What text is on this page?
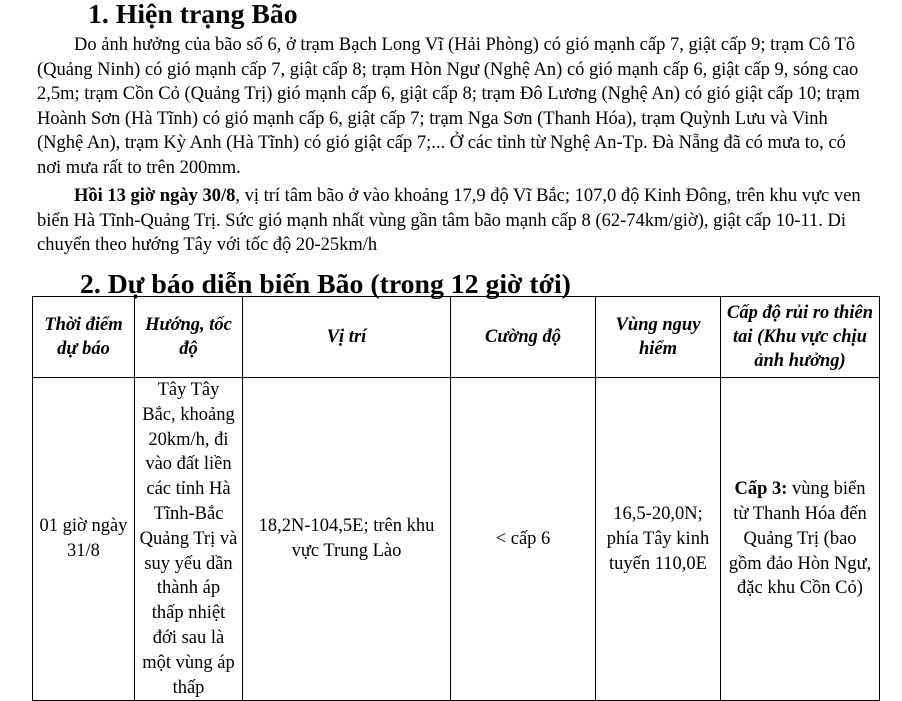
1. Hiện trạng Bão

Do ảnh hưởng của bão số 6, ở trạm Bạch Long Vĩ (Hải Phòng) có gió mạnh cấp 7, giật cấp 9; trạm Cô Tô (Quảng Ninh) có gió mạnh cấp 7, giật cấp 8; trạm Hòn Ngư (Nghệ An) có gió mạnh cấp 6, giật cấp 9, sóng cao 2,5m; trạm Cồn Cỏ (Quảng Trị) gió mạnh cấp 6, giật cấp 8; trạm Đô Lương (Nghệ An) có gió giật cấp 10; trạm Hoành Sơn (Hà Tĩnh) có gió mạnh cấp 6, giật cấp 7; trạm Nga Sơn (Thanh Hóa), trạm Quỳnh Lưu và Vinh (Nghệ An), trạm Kỳ Anh (Hà Tĩnh) có gió giật cấp 7;... Ở các tỉnh từ Nghệ An-Tp. Đà Nẵng đã có mưa to, có nơi mưa rất to trên 200mm.

Hồi 13 giờ ngày 30/8, vị trí tâm bão ở vào khoảng 17,9 độ Vĩ Bắc; 107,0 độ Kinh Đông, trên khu vực ven biển Hà Tĩnh-Quảng Trị. Sức gió mạnh nhất vùng gần tâm bão mạnh cấp 8 (62-74km/giờ), giật cấp 10-11. Di chuyển theo hướng Tây với tốc độ 20-25km/h

2. Dự báo diễn biến Bão (trong 12 giờ tới)
Thời điểm dự báo	Hướng, tốc độ	Vị trí	Cường độ	Vùng nguy hiểm	Cấp độ rủi ro thiên tai (Khu vực chịu ảnh hưởng)
01 giờ ngày 31/8	Tây Tây Bắc, khoảng 20km/h, đi vào đất liền các tỉnh Hà Tĩnh-Bắc Quảng Trị và suy yếu dần thành áp thấp nhiệt đới sau là một vùng áp thấp	18,2N-104,5E; trên khu vực Trung Lào	< cấp 6	16,5-20,0N; phía Tây kinh tuyến 110,0E	Cấp 3: vùng biển từ Thanh Hóa đến Quảng Trị (bao gồm đảo Hòn Ngư, đặc khu Cồn Cỏ)
